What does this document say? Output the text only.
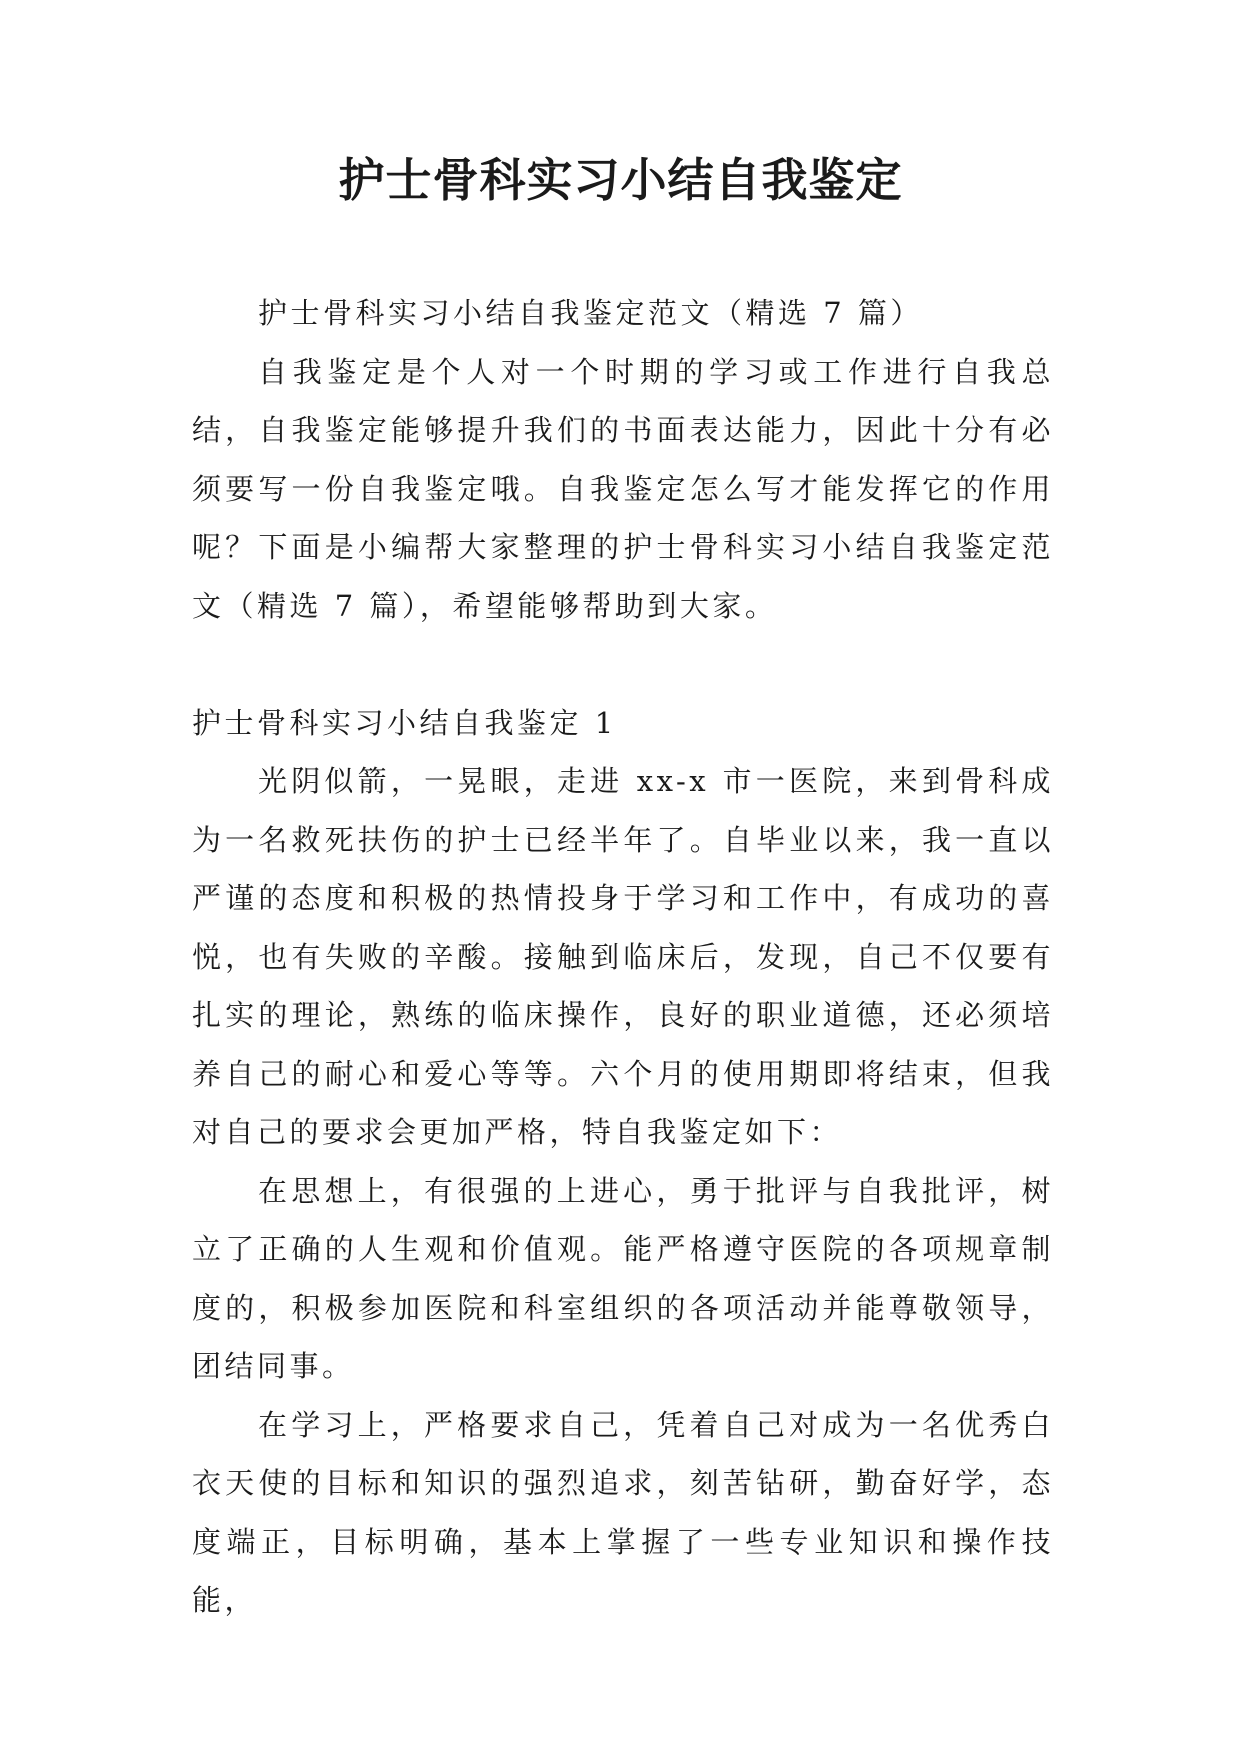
护士骨科实习小结自我鉴定

护士骨科实习小结自我鉴定范文（精选 7 篇）

自我鉴定是个人对一个时期的学习或工作进行自我总结，自我鉴定能够提升我们的书面表达能力，因此十分有必须要写一份自我鉴定哦。自我鉴定怎么写才能发挥它的作用呢？下面是小编帮大家整理的护士骨科实习小结自我鉴定范文（精选 7 篇），希望能够帮助到大家。

护士骨科实习小结自我鉴定 1

光阴似箭，一晃眼，走进 xx-x 市一医院，来到骨科成为一名救死扶伤的护士已经半年了。自毕业以来，我一直以严谨的态度和积极的热情投身于学习和工作中，有成功的喜悦，也有失败的辛酸。接触到临床后，发现，自己不仅要有扎实的理论，熟练的临床操作，良好的职业道德，还必须培养自己的耐心和爱心等等。六个月的使用期即将结束，但我对自己的要求会更加严格，特自我鉴定如下：

在思想上，有很强的上进心，勇于批评与自我批评，树立了正确的人生观和价值观。能严格遵守医院的各项规章制度的，积极参加医院和科室组织的各项活动并能尊敬领导，团结同事。

在学习上，严格要求自己，凭着自己对成为一名优秀白衣天使的目标和知识的强烈追求，刻苦钻研，勤奋好学，态度端正，目标明确，基本上掌握了一些专业知识和操作技能，
